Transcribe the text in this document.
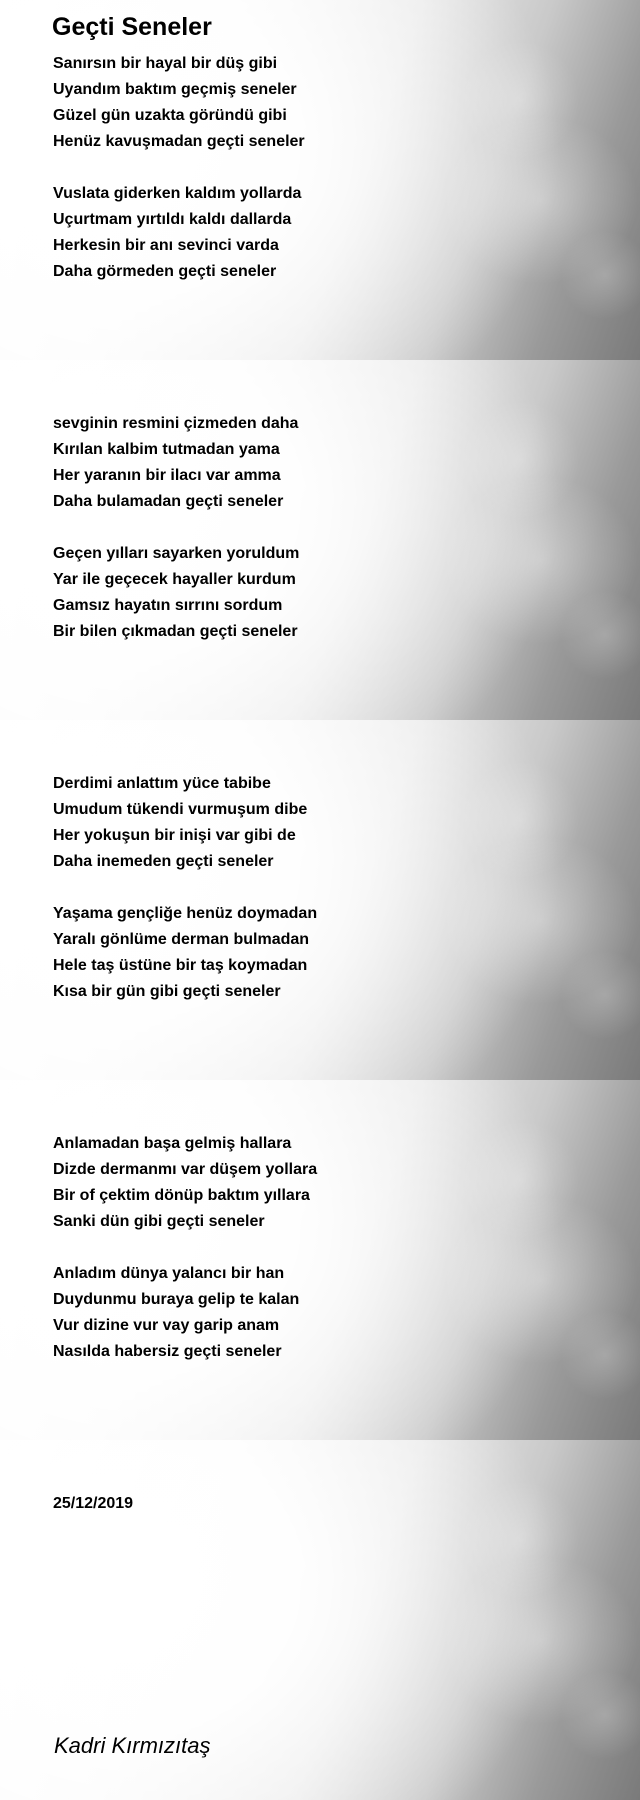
Geçti Seneler
Sanırsın bir hayal bir düş gibi
Uyandım baktım geçmiş seneler
Güzel gün uzakta göründü gibi
Henüz kavuşmadan geçti seneler
Vuslata giderken kaldım yollarda
Uçurtmam yırtıldı kaldı dallarda
Herkesin bir anı sevinci varda
Daha görmeden geçti seneler
sevginin resmini çizmeden daha
Kırılan kalbim tutmadan yama
Her yaranın bir ilacı var amma
Daha bulamadan geçti seneler
Geçen yılları sayarken yoruldum
Yar ile geçecek hayaller kurdum
Gamsız hayatın sırrını sordum
Bir bilen çıkmadan geçti seneler
Derdimi anlattım yüce tabibe
Umudum tükendi vurmuşum dibe
Her yokuşun bir inişi var gibi de
Daha inemeden geçti seneler
Yaşama gençliğe henüz doymadan
Yaralı gönlüme derman bulmadan
Hele taş üstüne bir taş koymadan
Kısa bir gün gibi geçti seneler
Anlamadan başa gelmiş hallara
Dizde dermanmı var düşem yollara
Bir of çektim dönüp baktım yıllara
Sanki dün gibi geçti seneler
Anladım dünya yalancı bir han
Duydunmu buraya gelip te kalan
Vur dizine vur vay garip anam
Nasılda habersiz geçti seneler
25/12/2019
Kadri Kırmızıtaş
